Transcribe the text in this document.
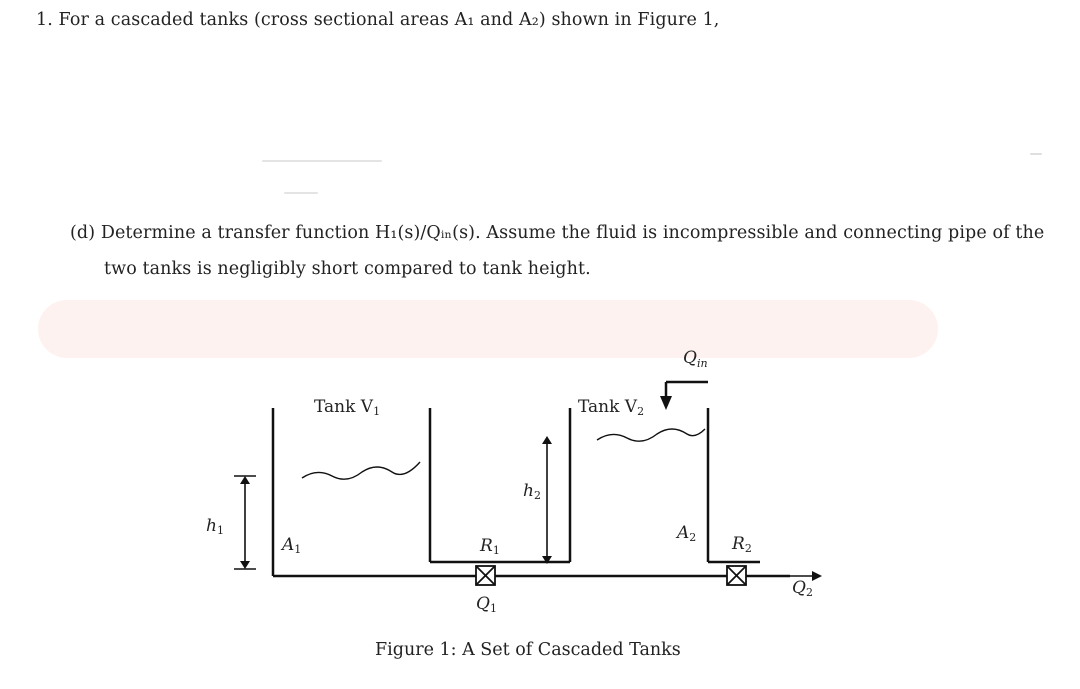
1. For a cascaded tanks (cross sectional areas A₁ and A₂) shown in Figure 1,
(d) Determine a transfer function H₁(s)/Qᵢₙ(s). Assume the fluid is incompressible and connecting pipe of the
two tanks is negligibly short compared to tank height.
Tank $V_1$	Tank $V_2$
$Q_{in}$
$h_1$
$h_2$
$A_1$
$A_2$
$R_1$	$R_2$
$Q_1$
$Q_2$
Figure 1: A Set of Cascaded Tanks
